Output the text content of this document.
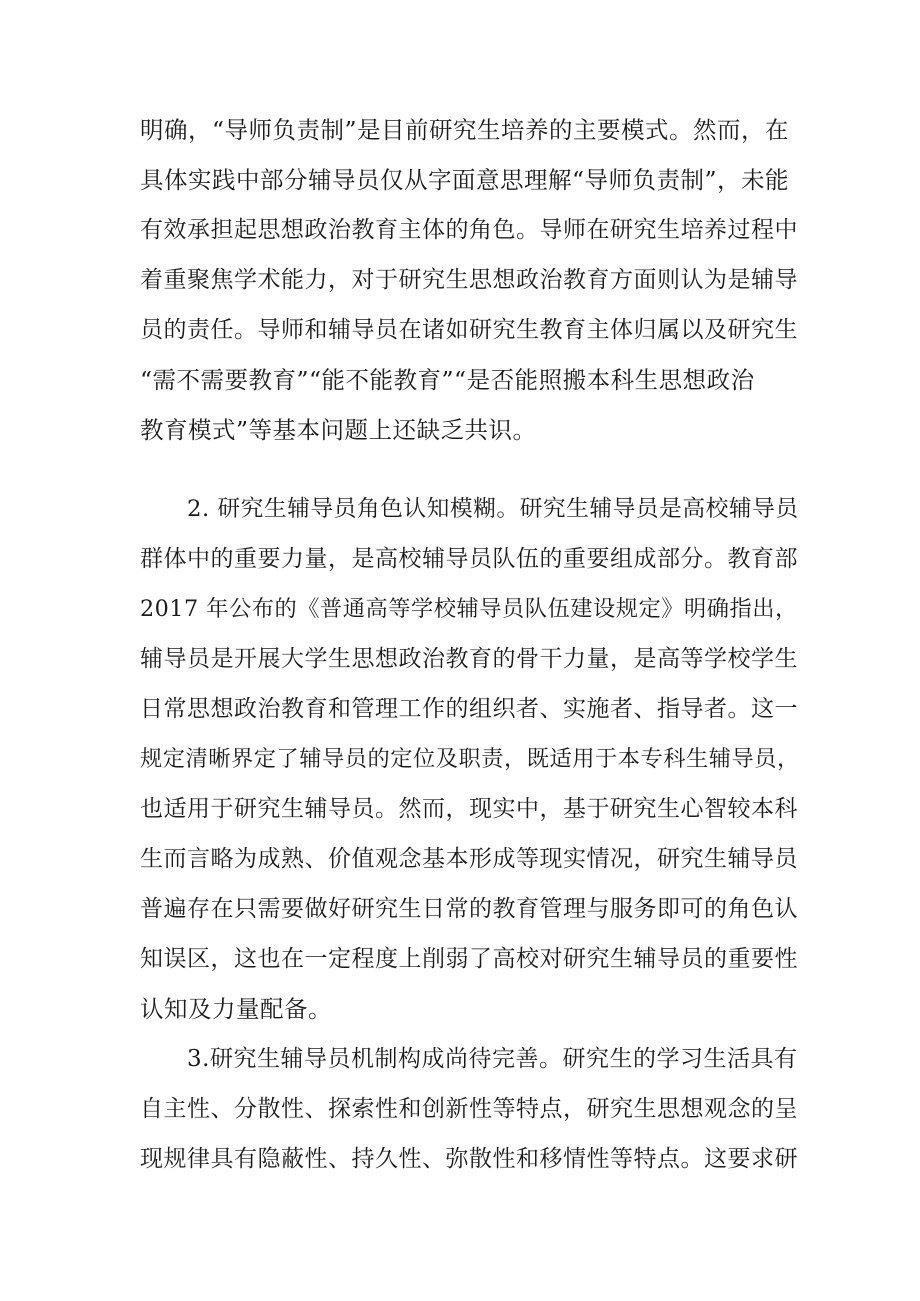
明确，“导师负责制”是目前研究生培养的主要模式。然而，在
具体实践中部分辅导员仅从字面意思理解“导师负责制”，未能
有效承担起思想政治教育主体的角色。导师在研究生培养过程中
着重聚焦学术能力，对于研究生思想政治教育方面则认为是辅导
员的责任。导师和辅导员在诸如研究生教育主体归属以及研究生
“需不需要教育”“能不能教育”“是否能照搬本科生思想政治
教育模式”等基本问题上还缺乏共识。
2. 研究生辅导员角色认知模糊。研究生辅导员是高校辅导员
群体中的重要力量，是高校辅导员队伍的重要组成部分。教育部
2017 年公布的《普通高等学校辅导员队伍建设规定》明确指出，
辅导员是开展大学生思想政治教育的骨干力量，是高等学校学生
日常思想政治教育和管理工作的组织者、实施者、指导者。这一
规定清晰界定了辅导员的定位及职责，既适用于本专科生辅导员，
也适用于研究生辅导员。然而，现实中，基于研究生心智较本科
生而言略为成熟、价值观念基本形成等现实情况，研究生辅导员
普遍存在只需要做好研究生日常的教育管理与服务即可的角色认
知误区，这也在一定程度上削弱了高校对研究生辅导员的重要性
认知及力量配备。
3.研究生辅导员机制构成尚待完善。研究生的学习生活具有
自主性、分散性、探索性和创新性等特点，研究生思想观念的呈
现规律具有隐蔽性、持久性、弥散性和移情性等特点。这要求研
